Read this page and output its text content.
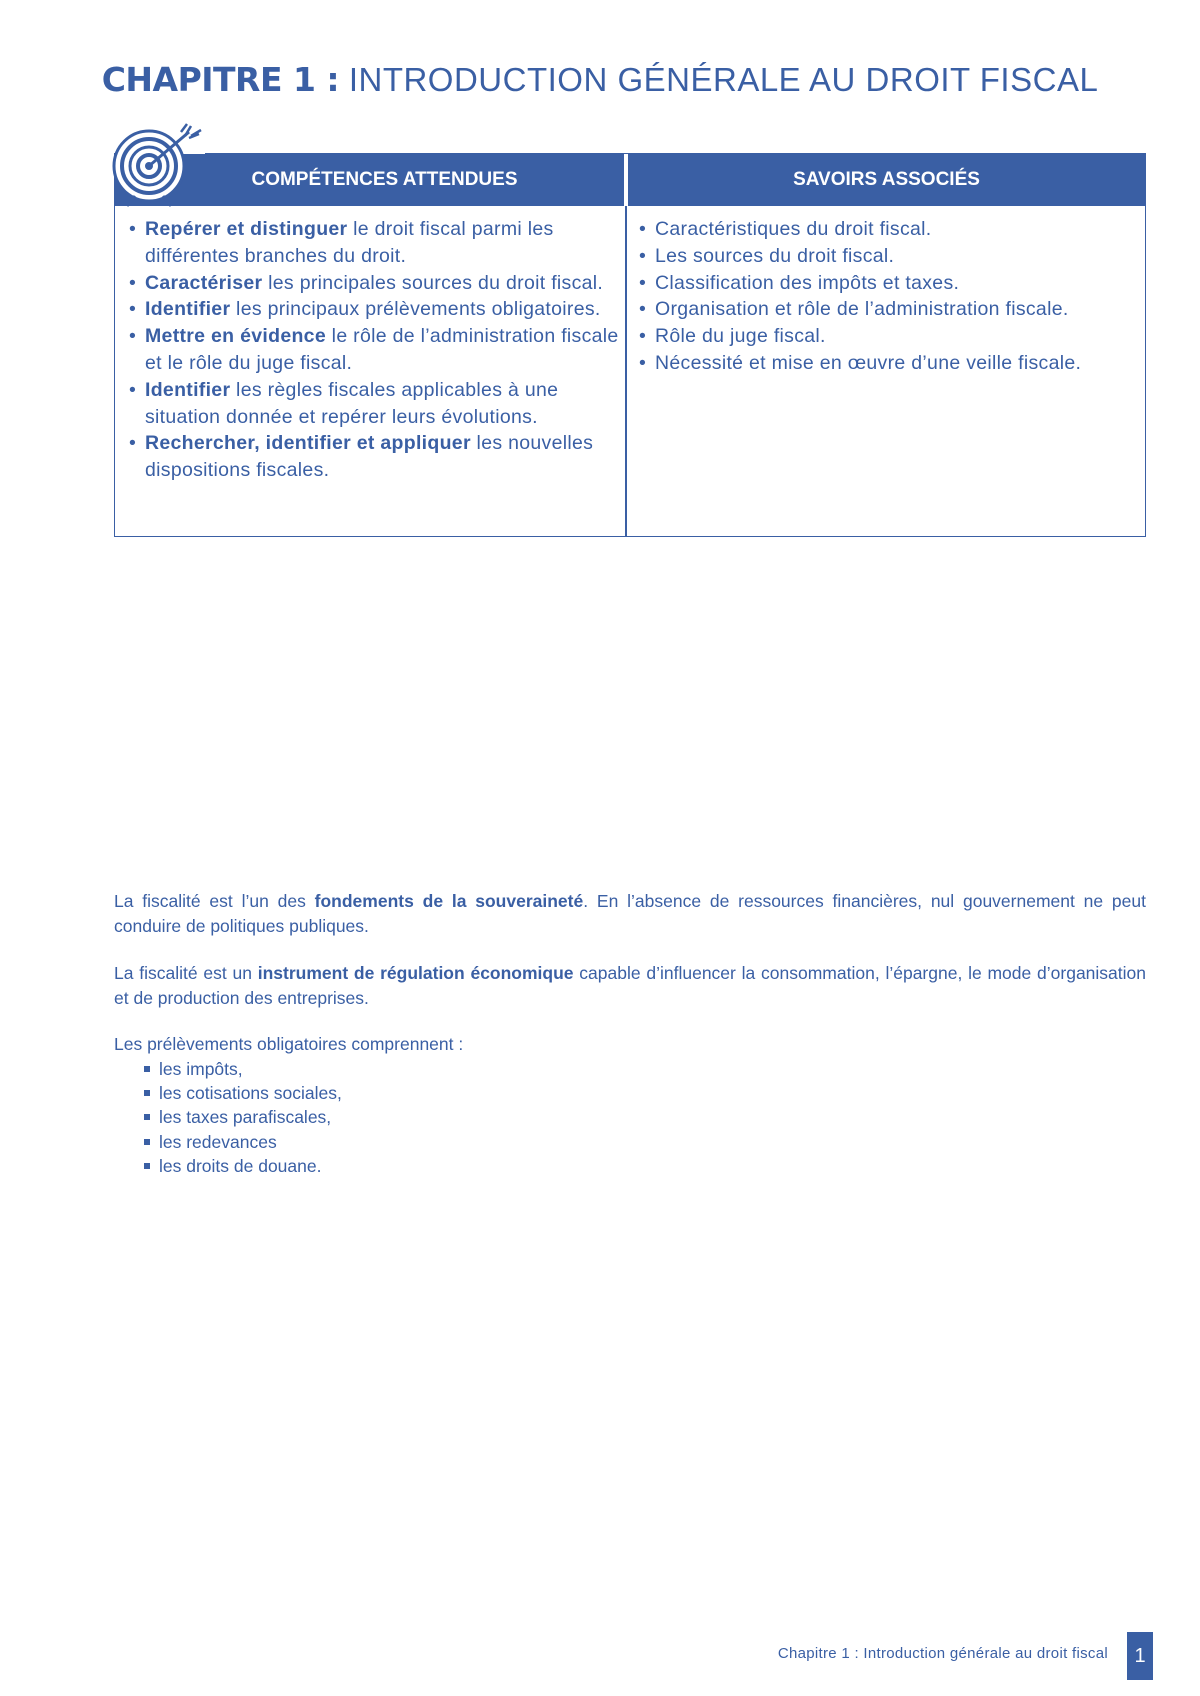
CHAPITRE 1 : INTRODUCTION GÉNÉRALE AU DROIT FISCAL
COMPÉTENCES ATTENDUES	SAVOIRS ASSOCIÉS

• Repérer et distinguer le droit fiscal parmi les différentes branches du droit.

• Caractériser les principales sources du droit fiscal.

• Identifier les principaux prélèvements obligatoires.

• Mettre en évidence le rôle de l’administration fiscale et le rôle du juge fiscal.

• Identifier les règles fiscales applicables à une situation donnée et repérer leurs évolutions.

• Rechercher, identifier et appliquer les nouvelles dispositions fiscales.

• Caractéristiques du droit fiscal.

• Les sources du droit fiscal.

• Classification des impôts et taxes.

• Organisation et rôle de l’administration fiscale.

• Rôle du juge fiscal.

• Nécessité et mise en œuvre d’une veille fiscale.

La fiscalité est l’un des fondements de la souveraineté. En l’absence de ressources financières, nul gouvernement ne peut conduire de politiques publiques.
La fiscalité est un instrument de régulation économique capable d’influencer la consommation, l’épargne, le mode d’organisation et de production des entreprises.
Les prélèvements obligatoires comprennent :
les impôts,
les cotisations sociales,
les taxes parafiscales,
les redevances
les droits de douane.
Chapitre 1 : Introduction générale au droit fiscal 1
